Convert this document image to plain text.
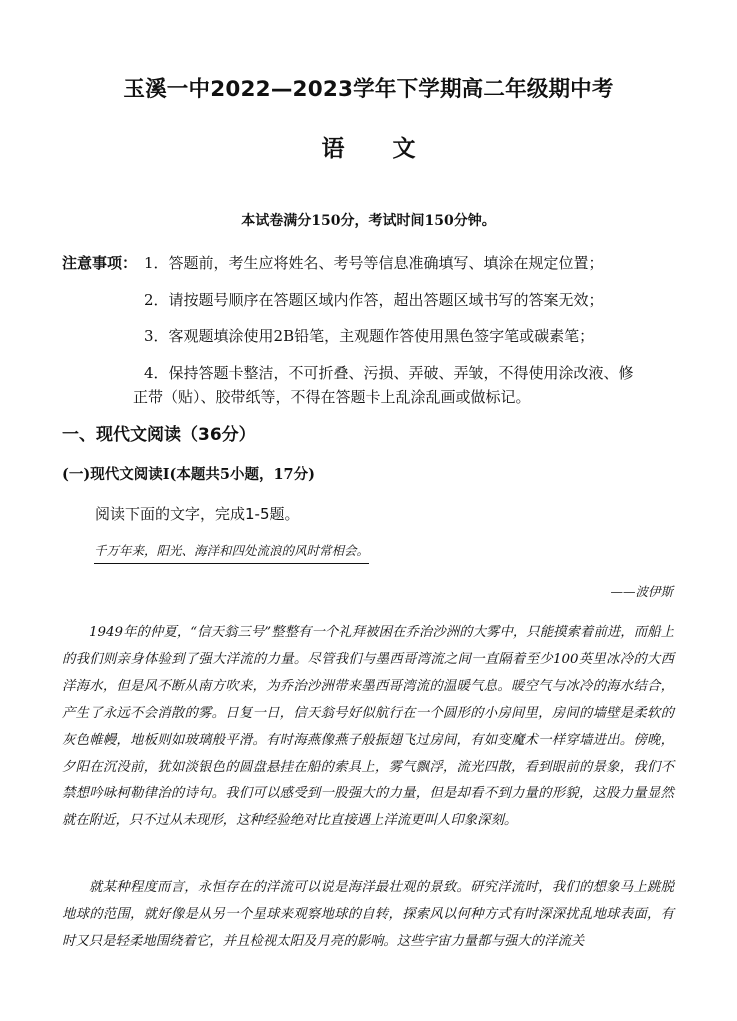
玉溪一中2022—2023学年下学期高二年级期中考
语文
本试卷满分150分，考试时间150分钟。
注意事项： 1．答题前，考生应将姓名、考号等信息准确填写、填涂在规定位置；
2．请按题号顺序在答题区域内作答，超出答题区域书写的答案无效；
3．客观题填涂使用2B铅笔，主观题作答使用黑色签字笔或碳素笔；
4．保持答题卡整洁，不可折叠、污损、弄破、弄皱，不得使用涂改液、修
正带（贴）、胶带纸等，不得在答题卡上乱涂乱画或做标记。
一、现代文阅读（36分）
(一)现代文阅读Ⅰ(本题共5小题，17分)
阅读下面的文字，完成1-5题。
千万年来，阳光、海洋和四处流浪的风时常相会。
——波伊斯
1949年的仲夏，“信天翁三号”整整有一个礼拜被困在乔治沙洲的大雾中，只能摸索着前进，而船上的我们则亲身体验到了强大洋流的力量。尽管我们与墨西哥湾流之间一直隔着至少100英里冰冷的大西洋海水，但是风不断从南方吹来，为乔治沙洲带来墨西哥湾流的温暖气息。暖空气与冰冷的海水结合，产生了永远不会消散的雾。日复一日，信天翁号好似航行在一个圆形的小房间里，房间的墙壁是柔软的灰色帷幔，地板则如玻璃般平滑。有时海燕像燕子般振翅飞过房间，有如变魔术一样穿墙进出。傍晚，夕阳在沉没前，犹如淡银色的圆盘悬挂在船的索具上，雾气飘浮，流光四散，看到眼前的景象，我们不禁想吟咏柯勒律治的诗句。我们可以感受到一股强大的力量，但是却看不到力量的形貌，这股力量显然就在附近，只不过从未现形，这种经验绝对比直接遇上洋流更叫人印象深刻。
就某种程度而言，永恒存在的洋流可以说是海洋最壮观的景致。研究洋流时，我们的想象马上跳脱地球的范围，就好像是从另一个星球来观察地球的自转，探索风以何种方式有时深深扰乱地球表面，有时又只是轻柔地围绕着它，并且检视太阳及月亮的影响。这些宇宙力量都与强大的洋流关
